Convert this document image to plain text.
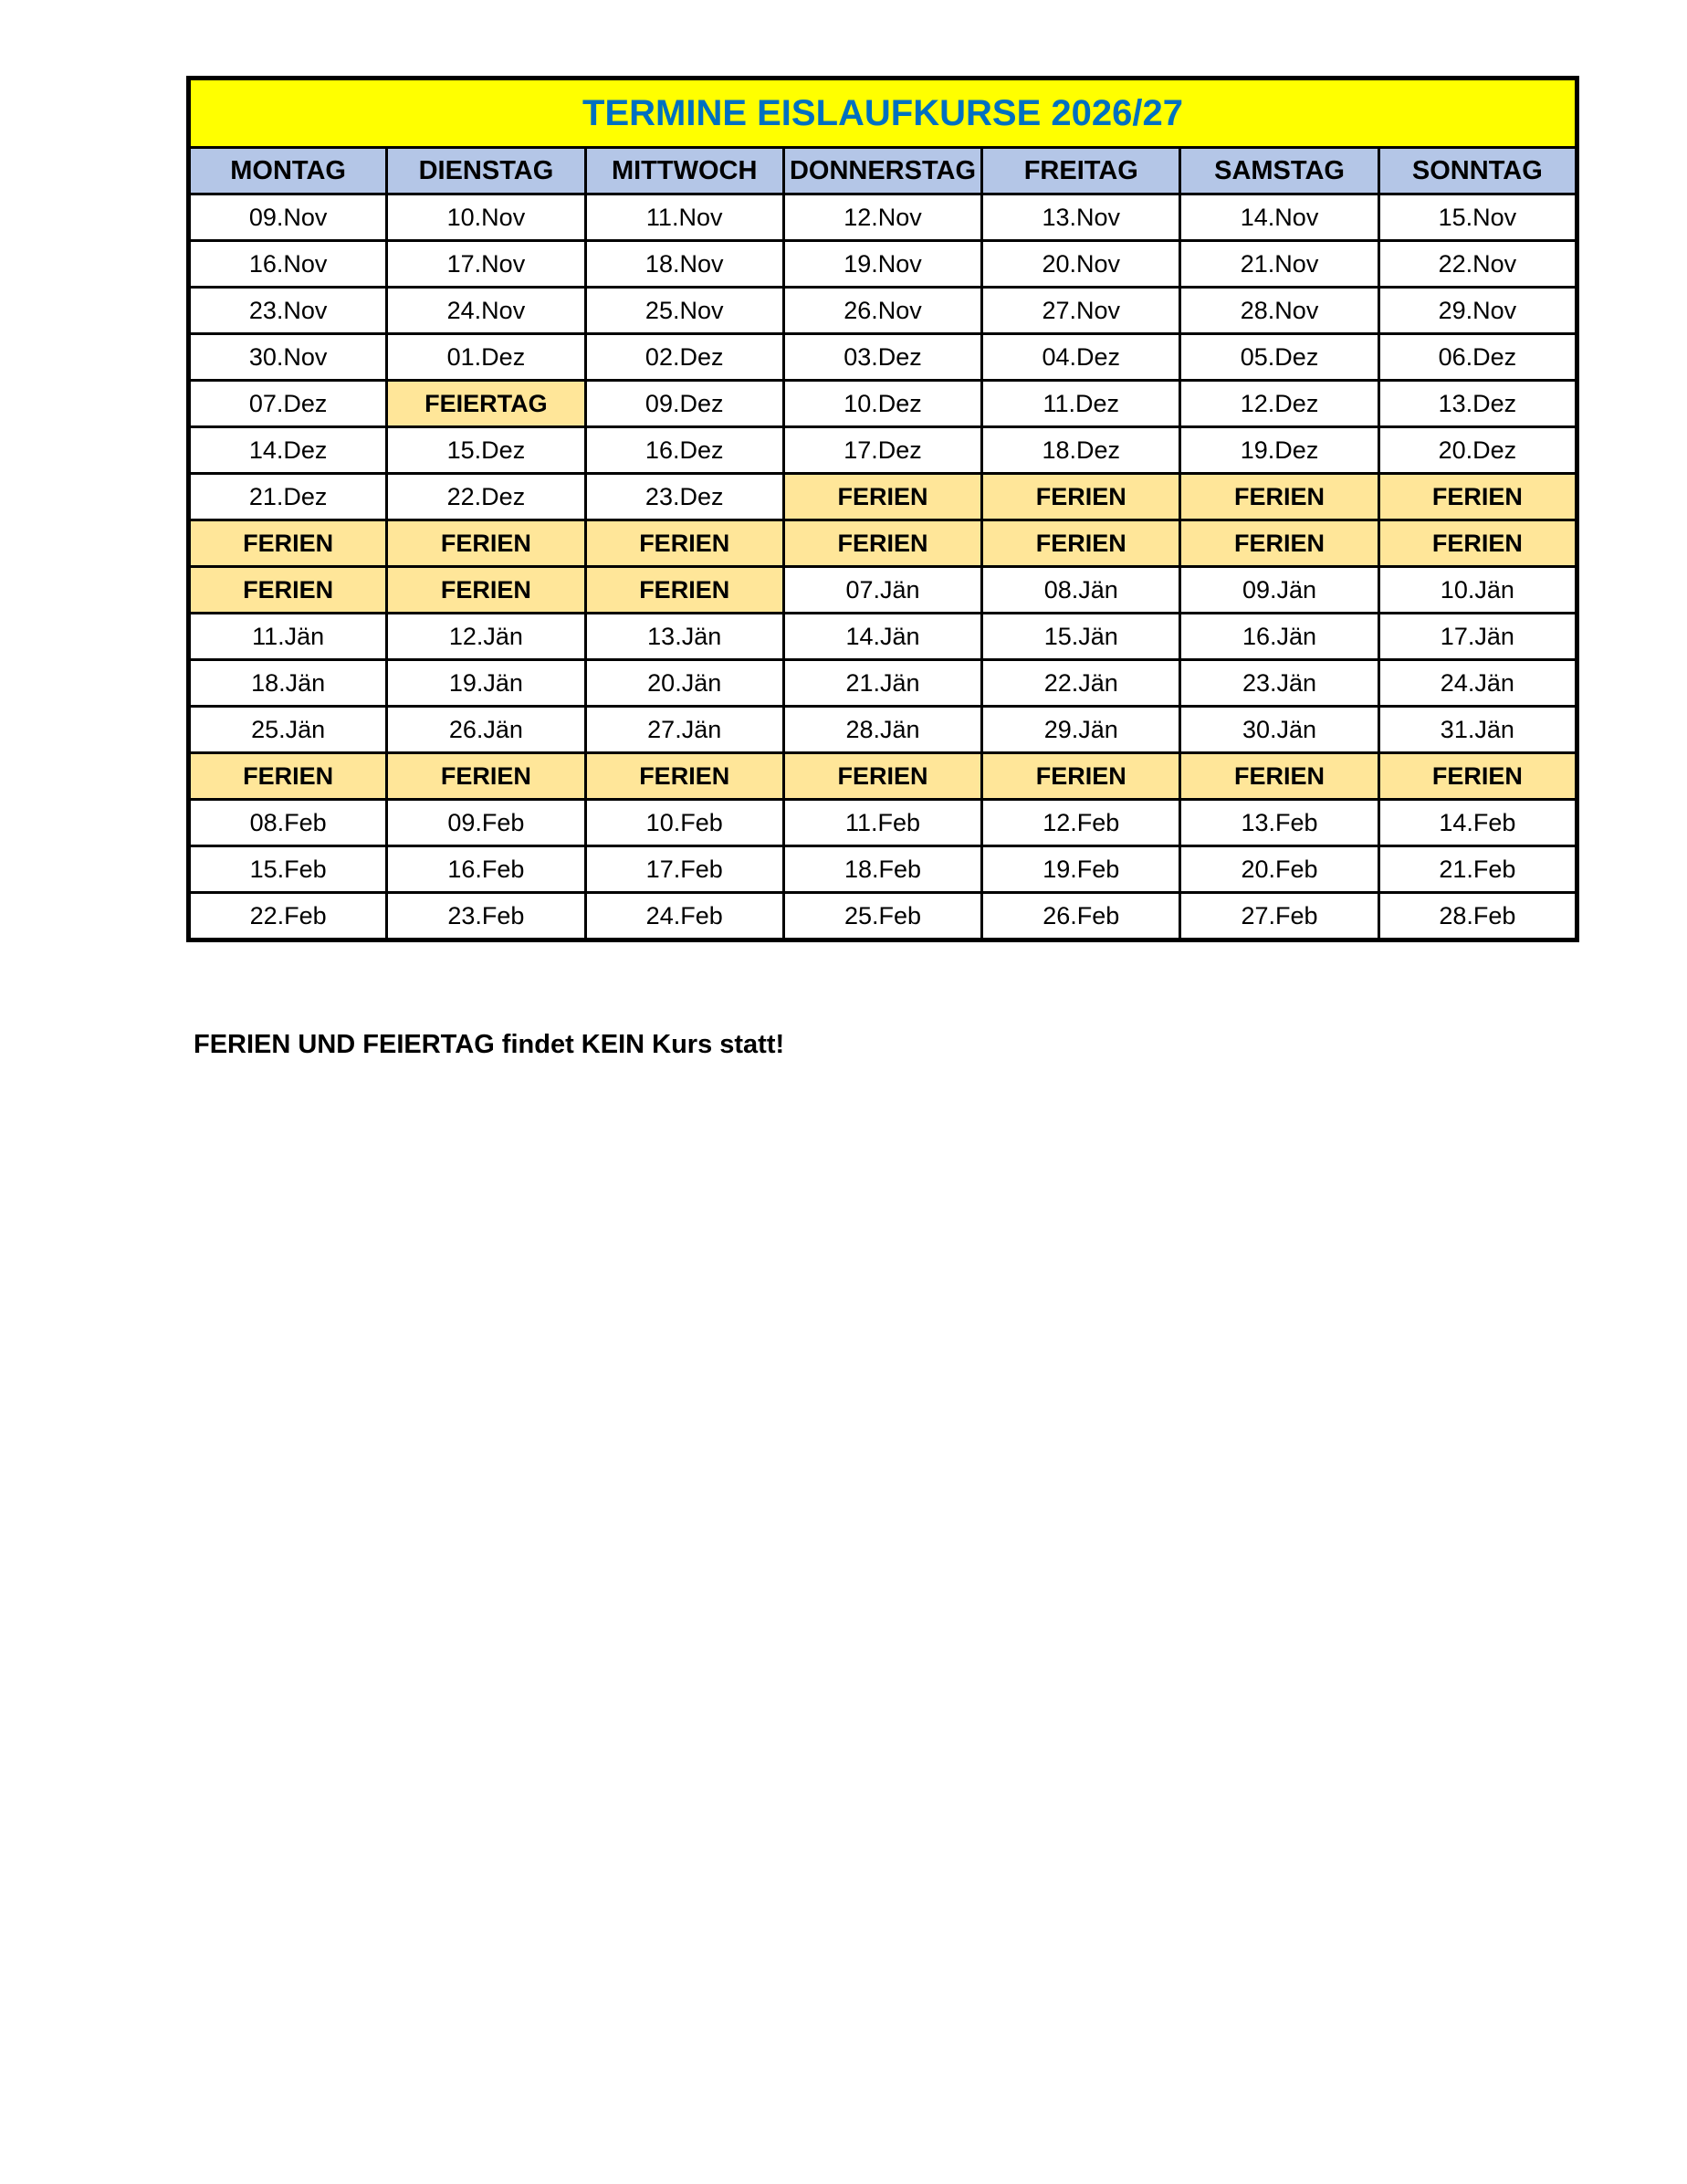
TERMINE EISLAUFKURSE 2026/27						
MONTAG	DIENSTAG	MITTWOCH	DONNERSTAG	FREITAG	SAMSTAG	SONNTAG
09.Nov	10.Nov	11.Nov	12.Nov	13.Nov	14.Nov	15.Nov
16.Nov	17.Nov	18.Nov	19.Nov	20.Nov	21.Nov	22.Nov
23.Nov	24.Nov	25.Nov	26.Nov	27.Nov	28.Nov	29.Nov
30.Nov	01.Dez	02.Dez	03.Dez	04.Dez	05.Dez	06.Dez
07.Dez	FEIERTAG	09.Dez	10.Dez	11.Dez	12.Dez	13.Dez
14.Dez	15.Dez	16.Dez	17.Dez	18.Dez	19.Dez	20.Dez
21.Dez	22.Dez	23.Dez	FERIEN	FERIEN	FERIEN	FERIEN
FERIEN	FERIEN	FERIEN	FERIEN	FERIEN	FERIEN	FERIEN
FERIEN	FERIEN	FERIEN	07.Jän	08.Jän	09.Jän	10.Jän
11.Jän	12.Jän	13.Jän	14.Jän	15.Jän	16.Jän	17.Jän
18.Jän	19.Jän	20.Jän	21.Jän	22.Jän	23.Jän	24.Jän
25.Jän	26.Jän	27.Jän	28.Jän	29.Jän	30.Jän	31.Jän
FERIEN	FERIEN	FERIEN	FERIEN	FERIEN	FERIEN	FERIEN
08.Feb	09.Feb	10.Feb	11.Feb	12.Feb	13.Feb	14.Feb
15.Feb	16.Feb	17.Feb	18.Feb	19.Feb	20.Feb	21.Feb
22.Feb	23.Feb	24.Feb	25.Feb	26.Feb	27.Feb	28.Feb
FERIEN UND FEIERTAG findet KEIN Kurs statt!
